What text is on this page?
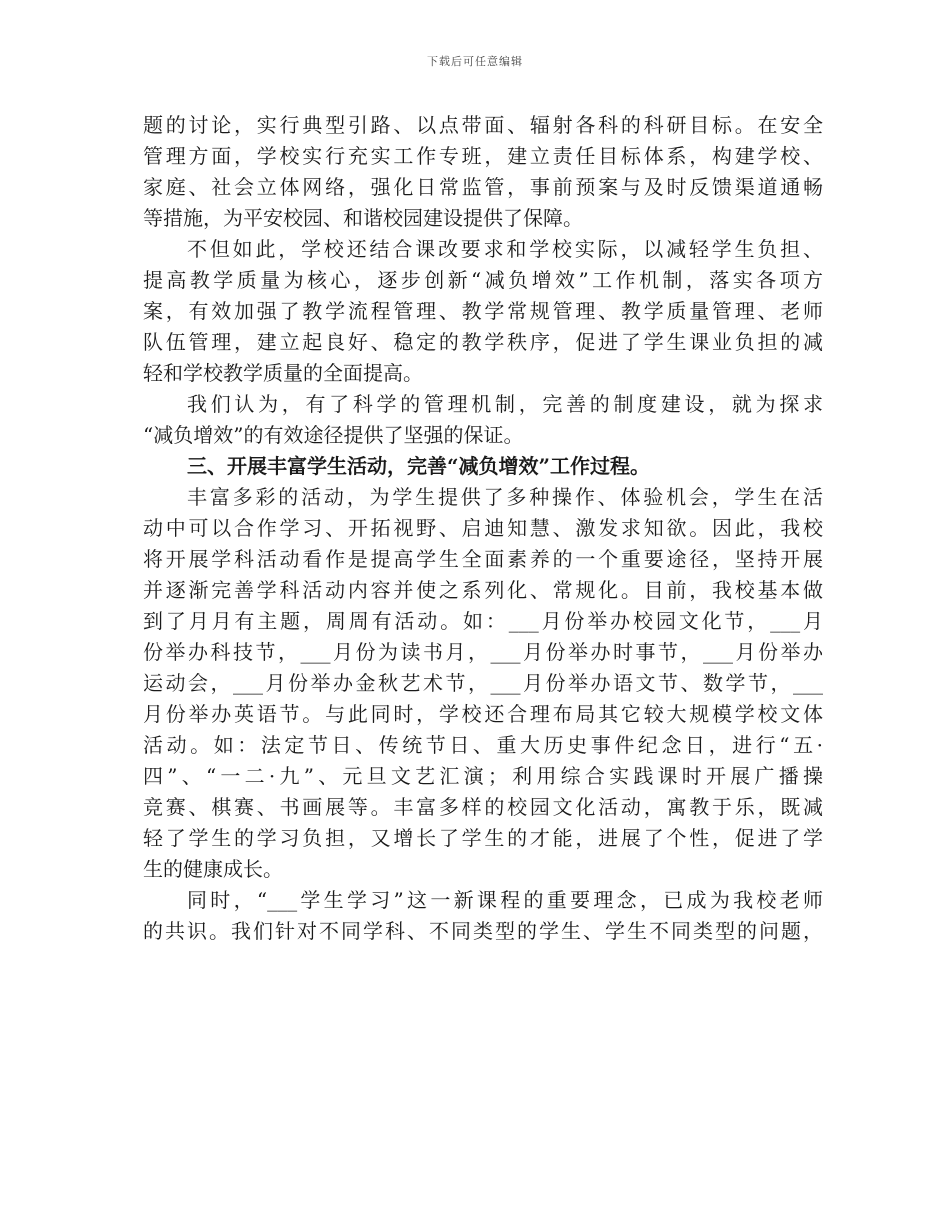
下载后可任意编辑
题的讨论，实行典型引路、以点带面、辐射各科的科研目标。在安全
管理方面，学校实行充实工作专班，建立责任目标体系，构建学校、
家庭、社会立体网络，强化日常监管，事前预案与及时反馈渠道通畅
等措施，为平安校园、和谐校园建设提供了保障。
不但如此，学校还结合课改要求和学校实际，以减轻学生负担、
提高教学质量为核心，逐步创新“减负增效”工作机制，落实各项方
案，有效加强了教学流程管理、教学常规管理、教学质量管理、老师
队伍管理，建立起良好、稳定的教学秩序，促进了学生课业负担的减
轻和学校教学质量的全面提高。
我们认为，有了科学的管理机制，完善的制度建设，就为探求
“减负增效”的有效途径提供了坚强的保证。
三、开展丰富学生活动，完善“减负增效”工作过程。
丰富多彩的活动，为学生提供了多种操作、体验机会，学生在活
动中可以合作学习、开拓视野、启迪知慧、激发求知欲。因此，我校
将开展学科活动看作是提高学生全面素养的一个重要途径，坚持开展
并逐渐完善学科活动内容并使之系列化、常规化。目前，我校基本做
到了月月有主题，周周有活动。如：___月份举办校园文化节，___月
份举办科技节，___月份为读书月，___月份举办时事节，___月份举办
运动会，___月份举办金秋艺术节，___月份举办语文节、数学节，___
月份举办英语节。与此同时，学校还合理布局其它较大规模学校文体
活动。如：法定节日、传统节日、重大历史事件纪念日，进行“五·
四”、“一二·九”、元旦文艺汇演；利用综合实践课时开展广播操
竞赛、棋赛、书画展等。丰富多样的校园文化活动，寓教于乐，既减
轻了学生的学习负担，又增长了学生的才能，进展了个性，促进了学
生的健康成长。
同时，“___学生学习”这一新课程的重要理念，已成为我校老师
的共识。我们针对不同学科、不同类型的学生、学生不同类型的问题，
